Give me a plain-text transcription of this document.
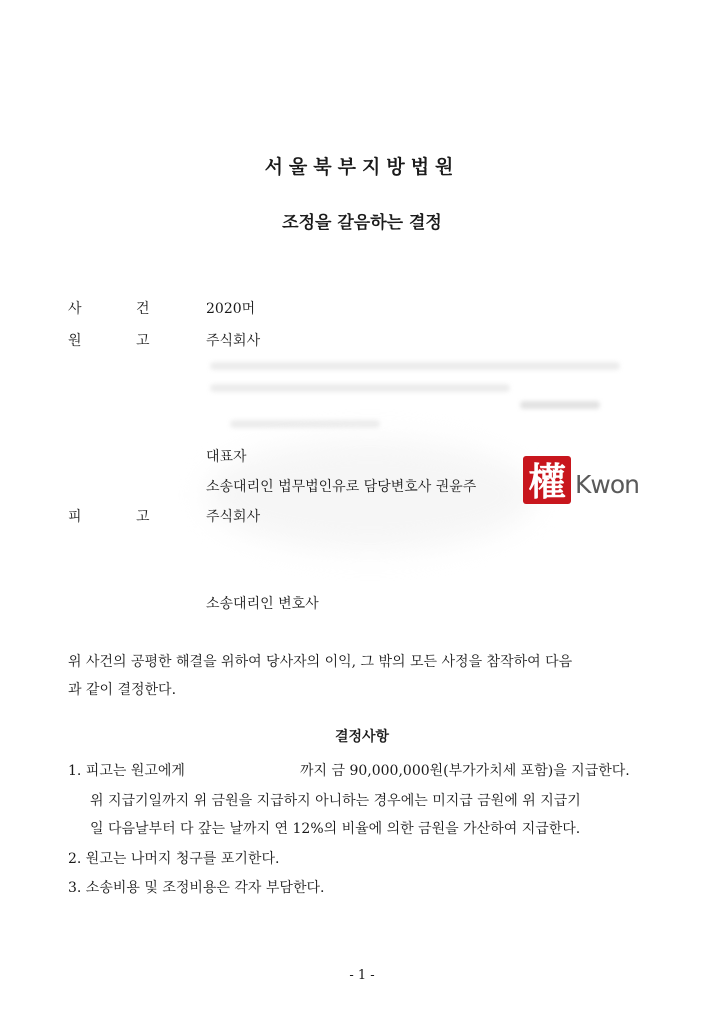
서울북부지방법원
조정을 갈음하는 결정
사	건	2020머
원	고	주식회사
대표자
소송대리인 법무법인유로 담당변호사 권윤주 權 Kwon
피	고	주식회사
소송대리인 변호사
위 사건의 공평한 해결을 위하여 당사자의 이익, 그 밖의 모든 사정을 참작하여 다음
과 같이 결정한다.
결정사항
1. 피고는 원고에게	까지 금 90,000,000원(부가가치세 포함)을 지급한다.
위 지급기일까지 위 금원을 지급하지 아니하는 경우에는 미지급 금원에 위 지급기
일 다음날부터 다 갚는 날까지 연 12%의 비율에 의한 금원을 가산하여 지급한다.
2. 원고는 나머지 청구를 포기한다.
3. 소송비용 및 조정비용은 각자 부담한다.
- 1 -
